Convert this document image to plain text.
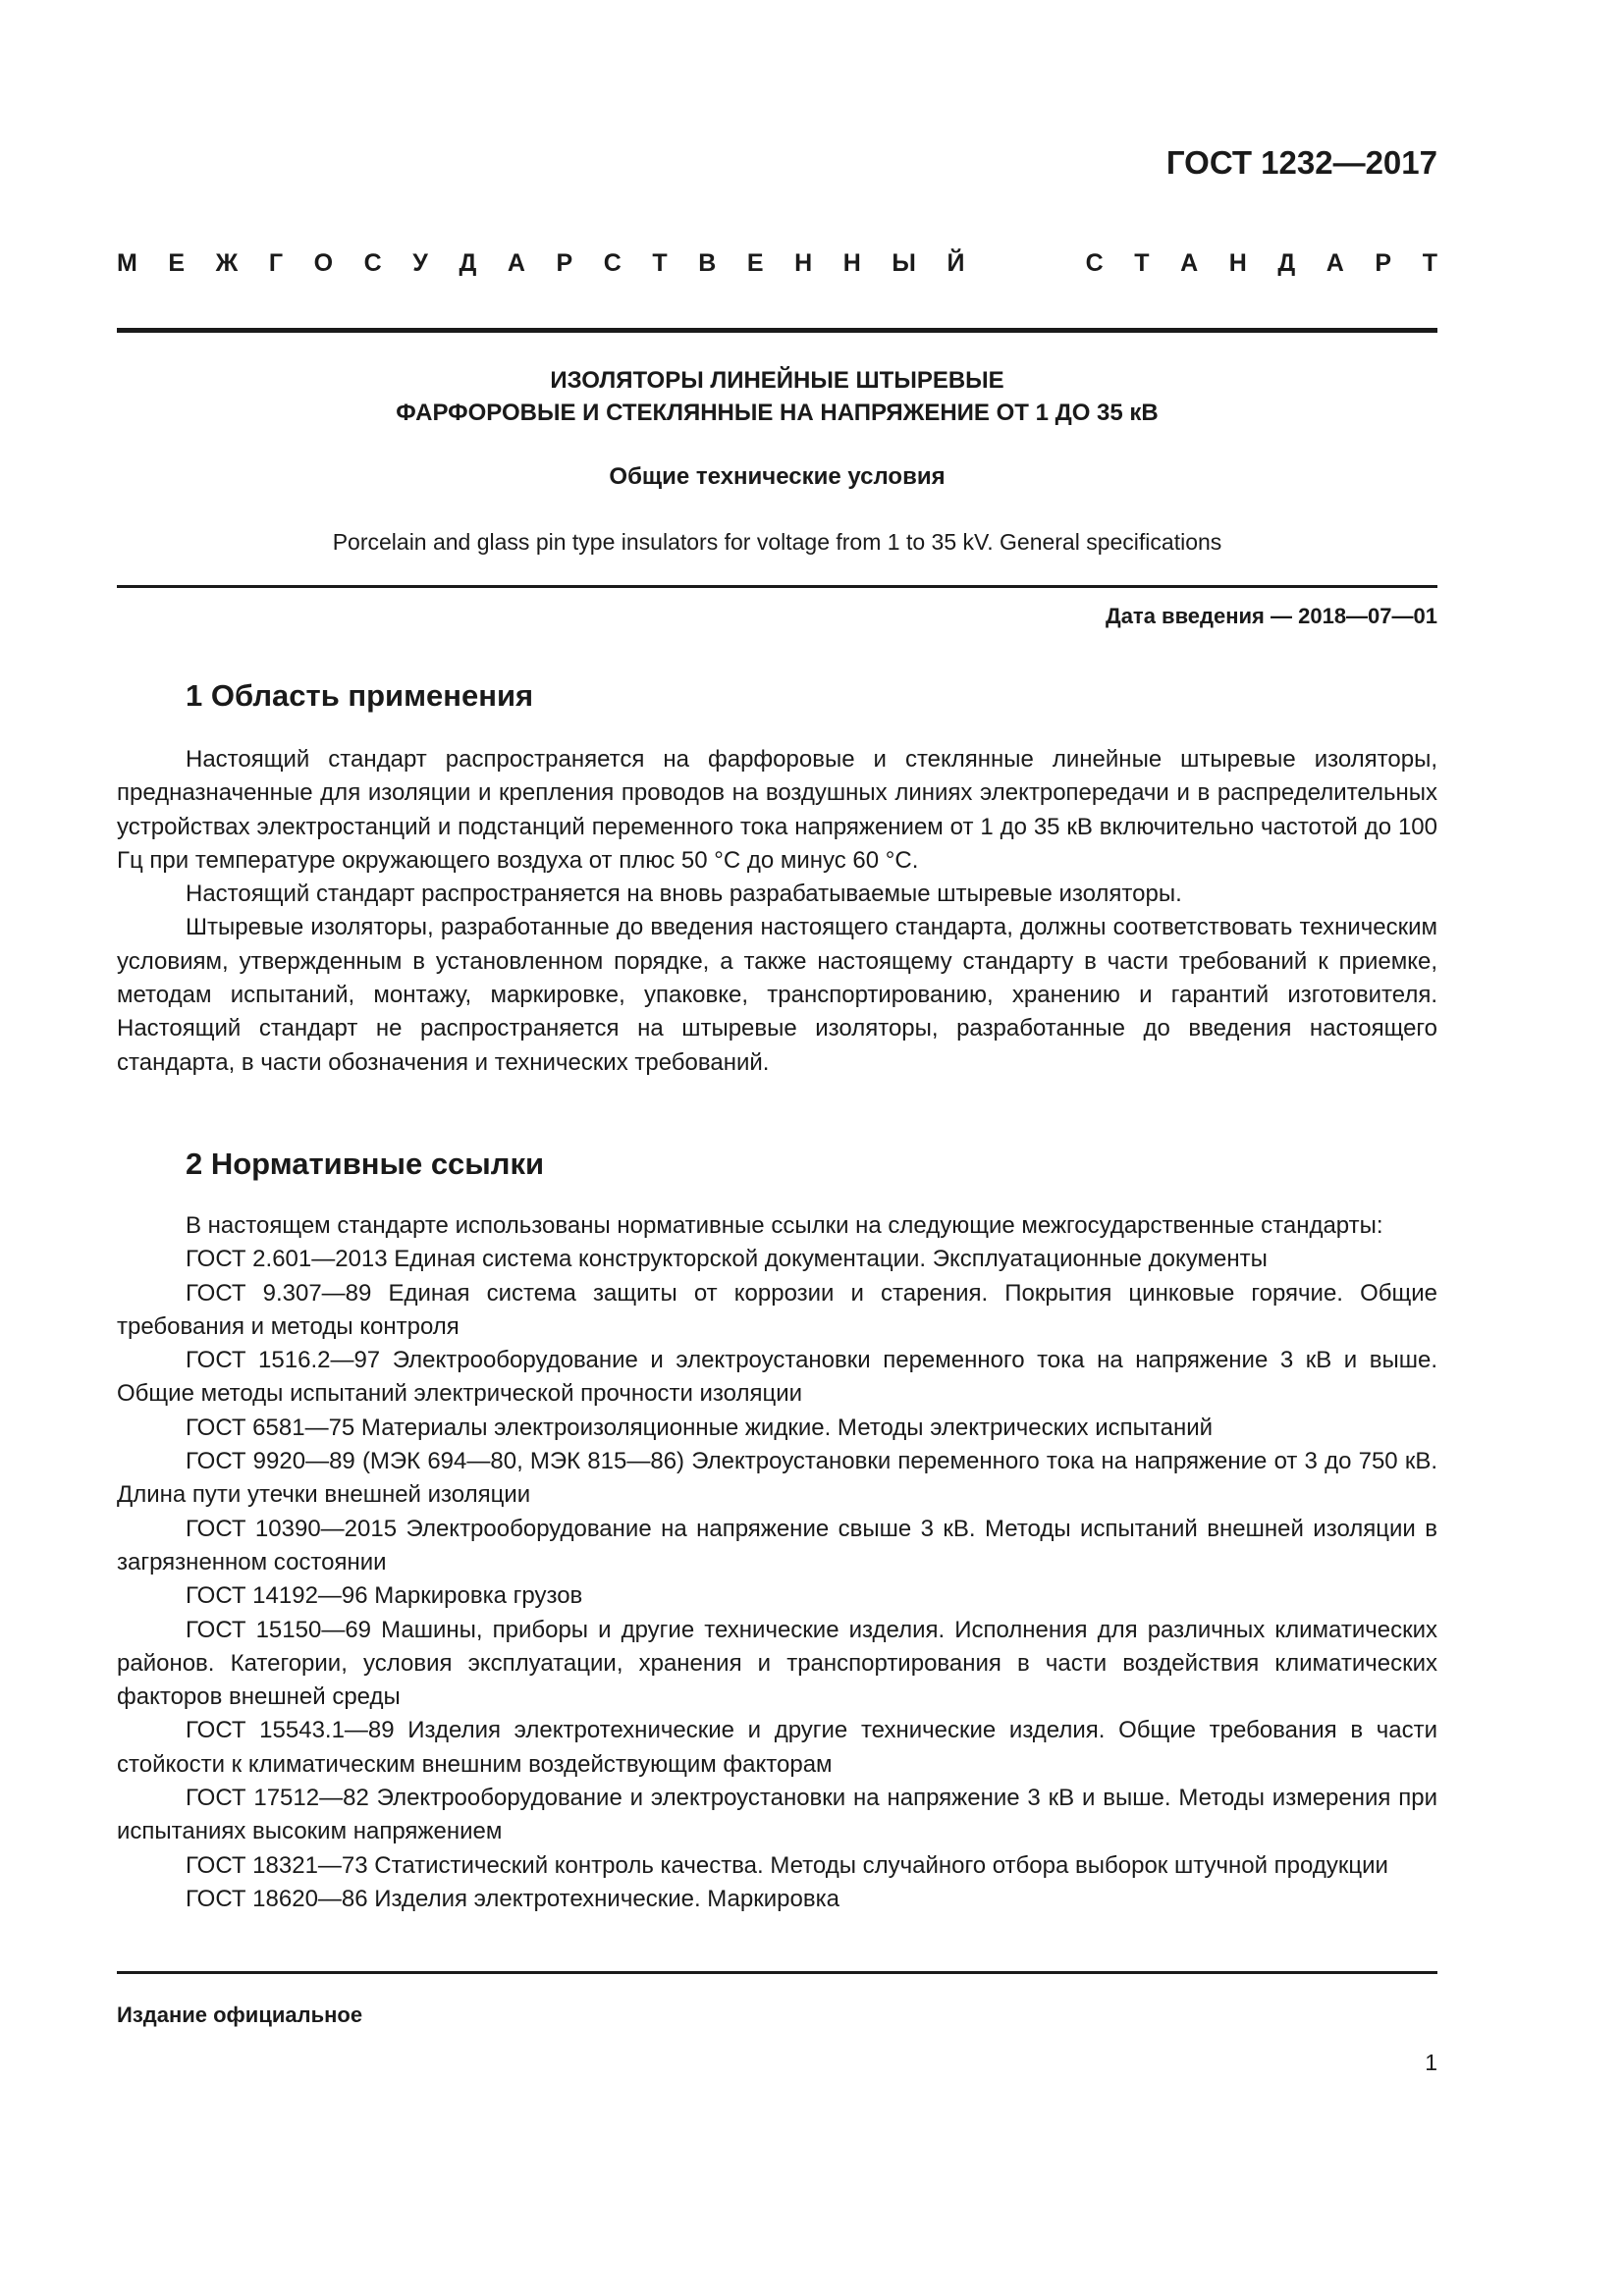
ГОСТ 1232—2017
М Е Ж Г О С У Д А Р С Т В Е Н Н Ы Й	С Т А Н Д А Р Т
ИЗОЛЯТОРЫ ЛИНЕЙНЫЕ ШТЫРЕВЫЕ
ФАРФОРОВЫЕ И СТЕКЛЯННЫЕ НА НАПРЯЖЕНИЕ ОТ 1 ДО 35 кВ
Общие технические условия
Porcelain and glass pin type insulators for voltage from 1 to 35 kV. General specifications
Дата введения — 2018—07—01
1 Область применения

Настоящий стандарт распространяется на фарфоровые и стеклянные линейные штыревые изоляторы, предназначенные для изоляции и крепления проводов на воздушных линиях электропередачи и в распределительных устройствах электростанций и подстанций переменного тока напряжением от 1 до 35 кВ включительно частотой до 100 Гц при температуре окружающего воздуха от плюс 50 °С до минус 60 °С.

Настоящий стандарт распространяется на вновь разрабатываемые штыревые изоляторы.

Штыревые изоляторы, разработанные до введения настоящего стандарта, должны соответствовать техническим условиям, утвержденным в установленном порядке, а также настоящему стандарту в части требований к приемке, методам испытаний, монтажу, маркировке, упаковке, транспортированию, хранению и гарантий изготовителя. Настоящий стандарт не распространяется на штыревые изоляторы, разработанные до введения настоящего стандарта, в части обозначения и технических требований.

2 Нормативные ссылки

В настоящем стандарте использованы нормативные ссылки на следующие межгосударственные стандарты:

ГОСТ 2.601—2013 Единая система конструкторской документации. Эксплуатационные документы

ГОСТ 9.307—89 Единая система защиты от коррозии и старения. Покрытия цинковые горячие. Общие требования и методы контроля

ГОСТ 1516.2—97 Электрооборудование и электроустановки переменного тока на напряжение 3 кВ и выше. Общие методы испытаний электрической прочности изоляции

ГОСТ 6581—75 Материалы электроизоляционные жидкие. Методы электрических испытаний

ГОСТ 9920—89 (МЭК 694—80, МЭК 815—86) Электроустановки переменного тока на напряжение от 3 до 750 кВ. Длина пути утечки внешней изоляции

ГОСТ 10390—2015 Электрооборудование на напряжение свыше 3 кВ. Методы испытаний внешней изоляции в загрязненном состоянии

ГОСТ 14192—96 Маркировка грузов

ГОСТ 15150—69 Машины, приборы и другие технические изделия. Исполнения для различных климатических районов. Категории, условия эксплуатации, хранения и транспортирования в части воздействия климатических факторов внешней среды

ГОСТ 15543.1—89 Изделия электротехнические и другие технические изделия. Общие требования в части стойкости к климатическим внешним воздействующим факторам

ГОСТ 17512—82 Электрооборудование и электроустановки на напряжение 3 кВ и выше. Методы измерения при испытаниях высоким напряжением

ГОСТ 18321—73 Статистический контроль качества. Методы случайного отбора выборок штучной продукции

ГОСТ 18620—86 Изделия электротехнические. Маркировка

Издание официальное
1
